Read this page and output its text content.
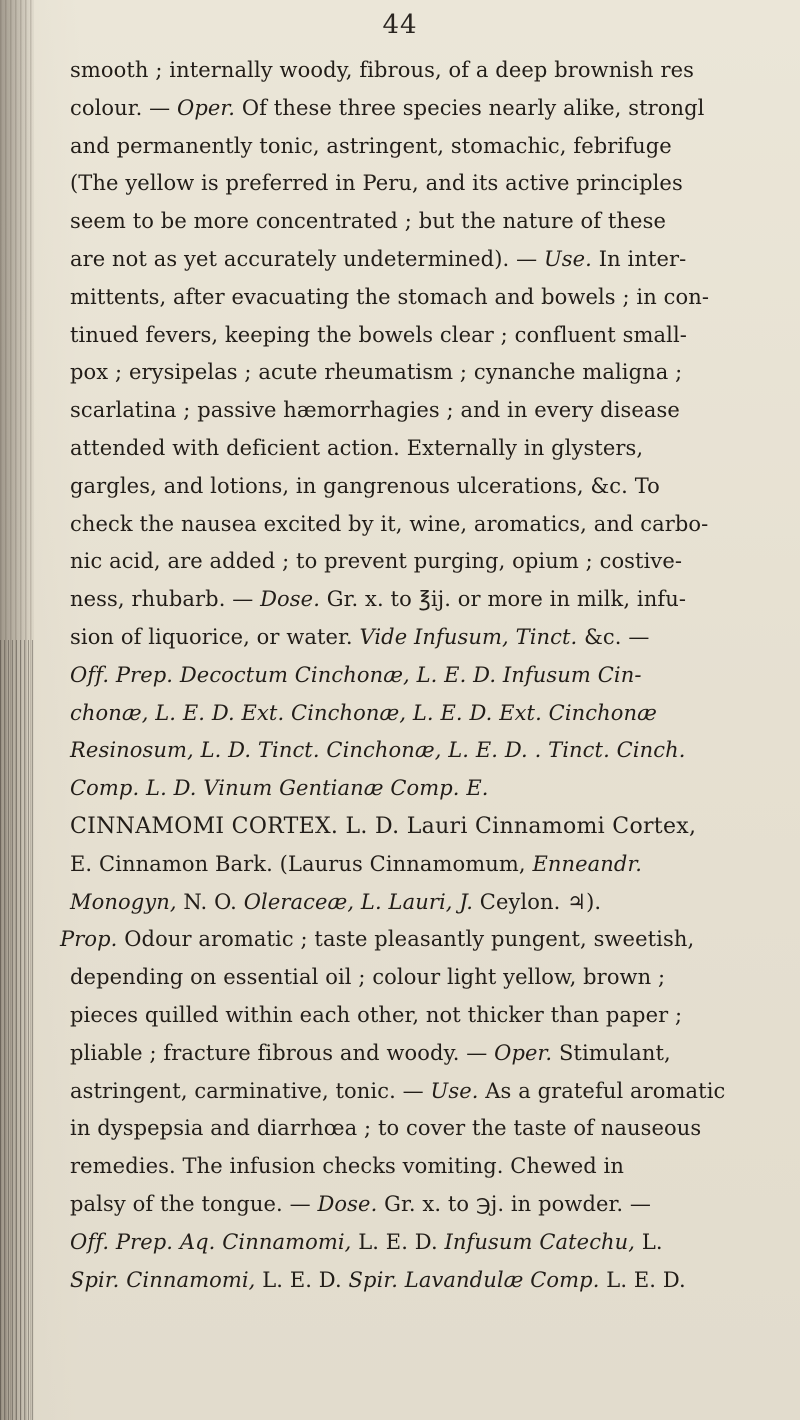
44
smooth ; internally woody, fibrous, of a deep brownish res
colour. — Oper. Of these three species nearly alike, strongl
and permanently tonic, astringent, stomachic, febrifuge
(The yellow is preferred in Peru, and its active principles
seem to be more concentrated ; but the nature of these
are not as yet accurately undetermined). — Use. In inter-
mittents, after evacuating the stomach and bowels ; in con-
tinued fevers, keeping the bowels clear ; confluent small-
pox ; erysipelas ; acute rheumatism ; cynanche maligna ;
scarlatina ; passive hæmorrhagies ; and in every disease
attended with deficient action. Externally in glysters,
gargles, and lotions, in gangrenous ulcerations, &c. To
check the nausea excited by it, wine, aromatics, and carbo-
nic acid, are added ; to prevent purging, opium ; costive-
ness, rhubarb. — Dose. Gr. x. to ℥ij. or more in milk, infu-
sion of liquorice, or water. Vide Infusum, Tinct. &c. —
Off. Prep. Decoctum Cinchonæ, L. E. D. Infusum Cin-
chonæ, L. E. D. Ext. Cinchonæ, L. E. D. Ext. Cinchonæ
Resinosum, L. D. Tinct. Cinchonæ, L. E. D. . Tinct. Cinch.
Comp. L. D. Vinum Gentianæ Comp. E.
CINNAMOMI CORTEX. L. D. Lauri Cinnamomi Cortex,
E. Cinnamon Bark. (Laurus Cinnamomum, Enneandr.
Monogyn, N. O. Oleraceæ, L. Lauri, J. Ceylon. ♃).
Prop. Odour aromatic ; taste pleasantly pungent, sweetish,
depending on essential oil ; colour light yellow, brown ;
pieces quilled within each other, not thicker than paper ;
pliable ; fracture fibrous and woody. — Oper. Stimulant,
astringent, carminative, tonic. — Use. As a grateful aromatic
in dyspepsia and diarrhœa ; to cover the taste of nauseous
remedies. The infusion checks vomiting. Chewed in
palsy of the tongue. — Dose. Gr. x. to ℈j. in powder. —
Off. Prep. Aq. Cinnamomi, L. E. D. Infusum Catechu, L.
Spir. Cinnamomi, L. E. D. Spir. Lavandulæ Comp. L. E. D.
